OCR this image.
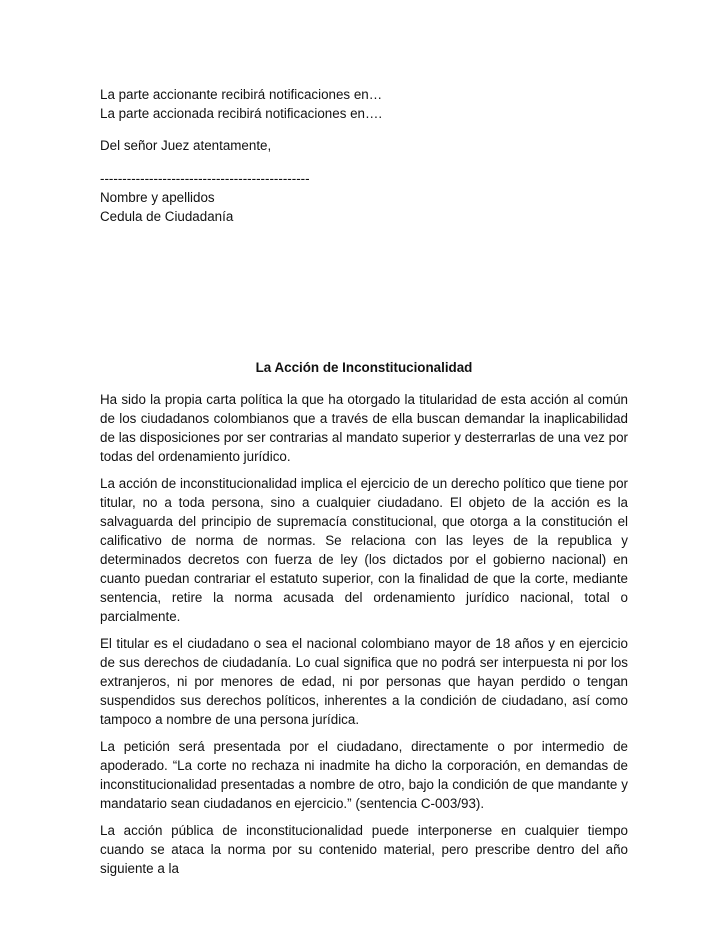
La parte accionante recibirá notificaciones en…
La parte accionada recibirá notificaciones en….
Del señor Juez atentamente,
-----------------------------------------------
Nombre y apellidos
Cedula de Ciudadanía
La Acción de Inconstitucionalidad

Ha sido la propia carta política la que ha otorgado la titularidad de esta acción al común de los ciudadanos colombianos que a través de ella buscan demandar la inaplicabilidad de las disposiciones por ser contrarias al mandato superior y desterrarlas de una vez por todas del ordenamiento jurídico.

La acción de inconstitucionalidad implica el ejercicio de un derecho político que tiene por titular, no a toda persona, sino a cualquier ciudadano. El objeto de la acción es la salvaguarda del principio de supremacía constitucional, que otorga a la constitución el calificativo de norma de normas. Se relaciona con las leyes de la republica y determinados decretos con fuerza de ley (los dictados por el gobierno nacional) en cuanto puedan contrariar el estatuto superior, con la finalidad de que la corte, mediante sentencia, retire la norma acusada del ordenamiento jurídico nacional, total o parcialmente.

El titular es el ciudadano o sea el nacional colombiano mayor de 18 años y en ejercicio de sus derechos de ciudadanía. Lo cual significa que no podrá ser interpuesta ni por los extranjeros, ni por menores de edad, ni por personas que hayan perdido o tengan suspendidos sus derechos políticos, inherentes a la condición de ciudadano, así como tampoco a nombre de una persona jurídica.

La petición será presentada por el ciudadano, directamente o por intermedio de apoderado. “La corte no rechaza ni inadmite ha dicho la corporación, en demandas de inconstitucionalidad presentadas a nombre de otro, bajo la condición de que mandante y mandatario sean ciudadanos en ejercicio.” (sentencia C-003/93).

La acción pública de inconstitucionalidad puede interponerse en cualquier tiempo cuando se ataca la norma por su contenido material, pero prescribe dentro del año siguiente a la
